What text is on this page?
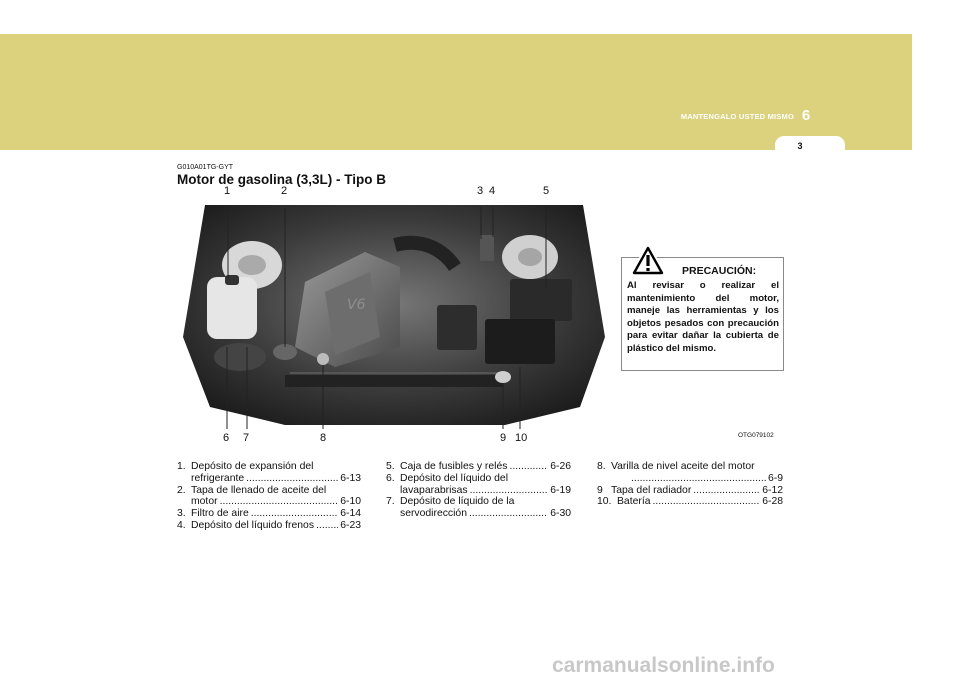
MANTENGALO USTED MISMO 6
3
G010A01TG-GYT
Motor de gasolina (3,3L) - Tipo B
V6
1	2	3 4	5
6 7	8	9 10	OTG079102
PRECAUCIÓN:
Al revisar o realizar el mantenimiento del motor, maneje las herramientas y los objetos pesados con precaución para evitar dañar la cubierta de plástico del mismo.
1. Depósito de expansión del
refrigerante .....	6-13
2. Tapa de llenado de aceite del
motor .....	6-10
3. Filtro de aire .....	6-14
4. Depósito del líquido frenos .....	6-23
5. Caja de fusibles y relés .....	6-26
6. Depósito del líquido del
lavaparabrisas .....	6-19
7. Depósito de líquido de la
servodirección .....	6-30
8. Varilla de nivel aceite del motor
.....
6-9
9 Tapa del radiador .....	6-12
10. Batería .....	6-28
carmanualsonline.info
